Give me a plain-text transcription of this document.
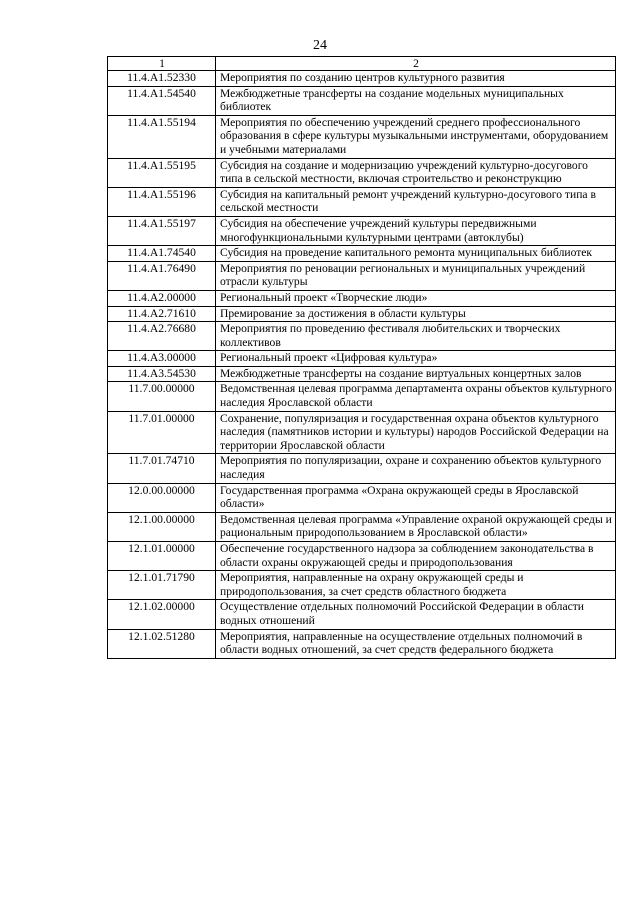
24
1	2
11.4.A1.52330	Мероприятия по созданию центров культурного развития
11.4.A1.54540	Межбюджетные трансферты на создание модельных муниципальных библиотек
11.4.A1.55194	Мероприятия по обеспечению учреждений среднего профессионального образования в сфере культуры музыкальными инструментами, оборудованием и учебными материалами
11.4.A1.55195	Субсидия на создание и модернизацию учреждений культурно-досугового типа в сельской местности, включая строительство и реконструкцию
11.4.A1.55196	Субсидия на капитальный ремонт учреждений культурно-досугового типа в сельской местности
11.4.A1.55197	Субсидия на обеспечение учреждений культуры передвижными многофункциональными культурными центрами (автоклубы)
11.4.A1.74540	Субсидия на проведение капитального ремонта муниципальных библиотек
11.4.A1.76490	Мероприятия по реновации региональных и муниципальных учреждений отрасли культуры
11.4.A2.00000	Региональный проект «Творческие люди»
11.4.A2.71610	Премирование за достижения в области культуры
11.4.A2.76680	Мероприятия по проведению фестиваля любительских и творческих коллективов
11.4.A3.00000	Региональный проект «Цифровая культура»
11.4.A3.54530	Межбюджетные трансферты на создание виртуальных концертных залов
11.7.00.00000	Ведомственная целевая программа департамента охраны объектов культурного наследия Ярославской области
11.7.01.00000	Сохранение, популяризация и государственная охрана объектов культурного наследия (памятников истории и культуры) народов Российской Федерации на территории Ярославской области
11.7.01.74710	Мероприятия по популяризации, охране и сохранению объектов культурного наследия
12.0.00.00000	Государственная программа «Охрана окружающей среды в Ярославской области»
12.1.00.00000	Ведомственная целевая программа «Управление охраной окружающей среды и рациональным природопользованием в Ярославской области»
12.1.01.00000	Обеспечение государственного надзора за соблюдением законодательства в области охраны окружающей среды и природопользования
12.1.01.71790	Мероприятия, направленные на охрану окружающей среды и природопользования, за счет средств областного бюджета
12.1.02.00000	Осуществление отдельных полномочий Российской Федерации в области водных отношений
12.1.02.51280	Мероприятия, направленные на осуществление отдельных полномочий в области водных отношений, за счет средств федерального бюджета
